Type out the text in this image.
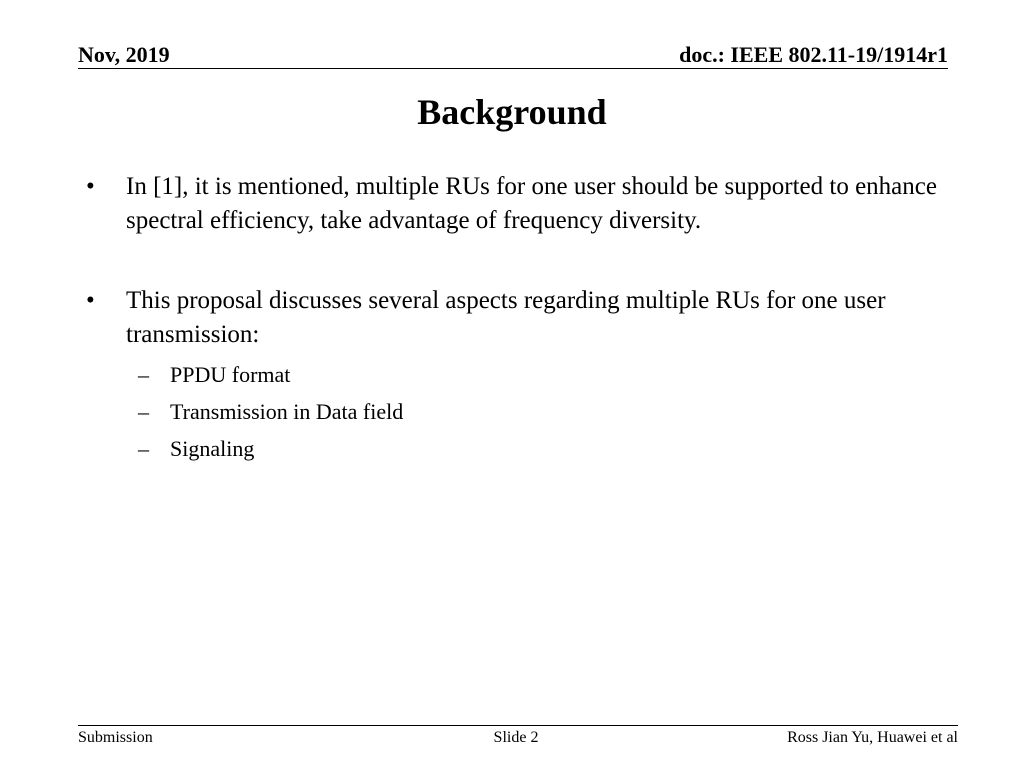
Nov, 2019	doc.: IEEE 802.11-19/1914r1
Background
• In [1], it is mentioned, multiple RUs for one user should be supported to enhance spectral efficiency, take advantage of frequency diversity.
• This proposal discusses several aspects regarding multiple RUs for one user transmission:
– PPDU format
– Transmission in Data field
– Signaling
Submission	Slide 2	Ross Jian Yu, Huawei et al
